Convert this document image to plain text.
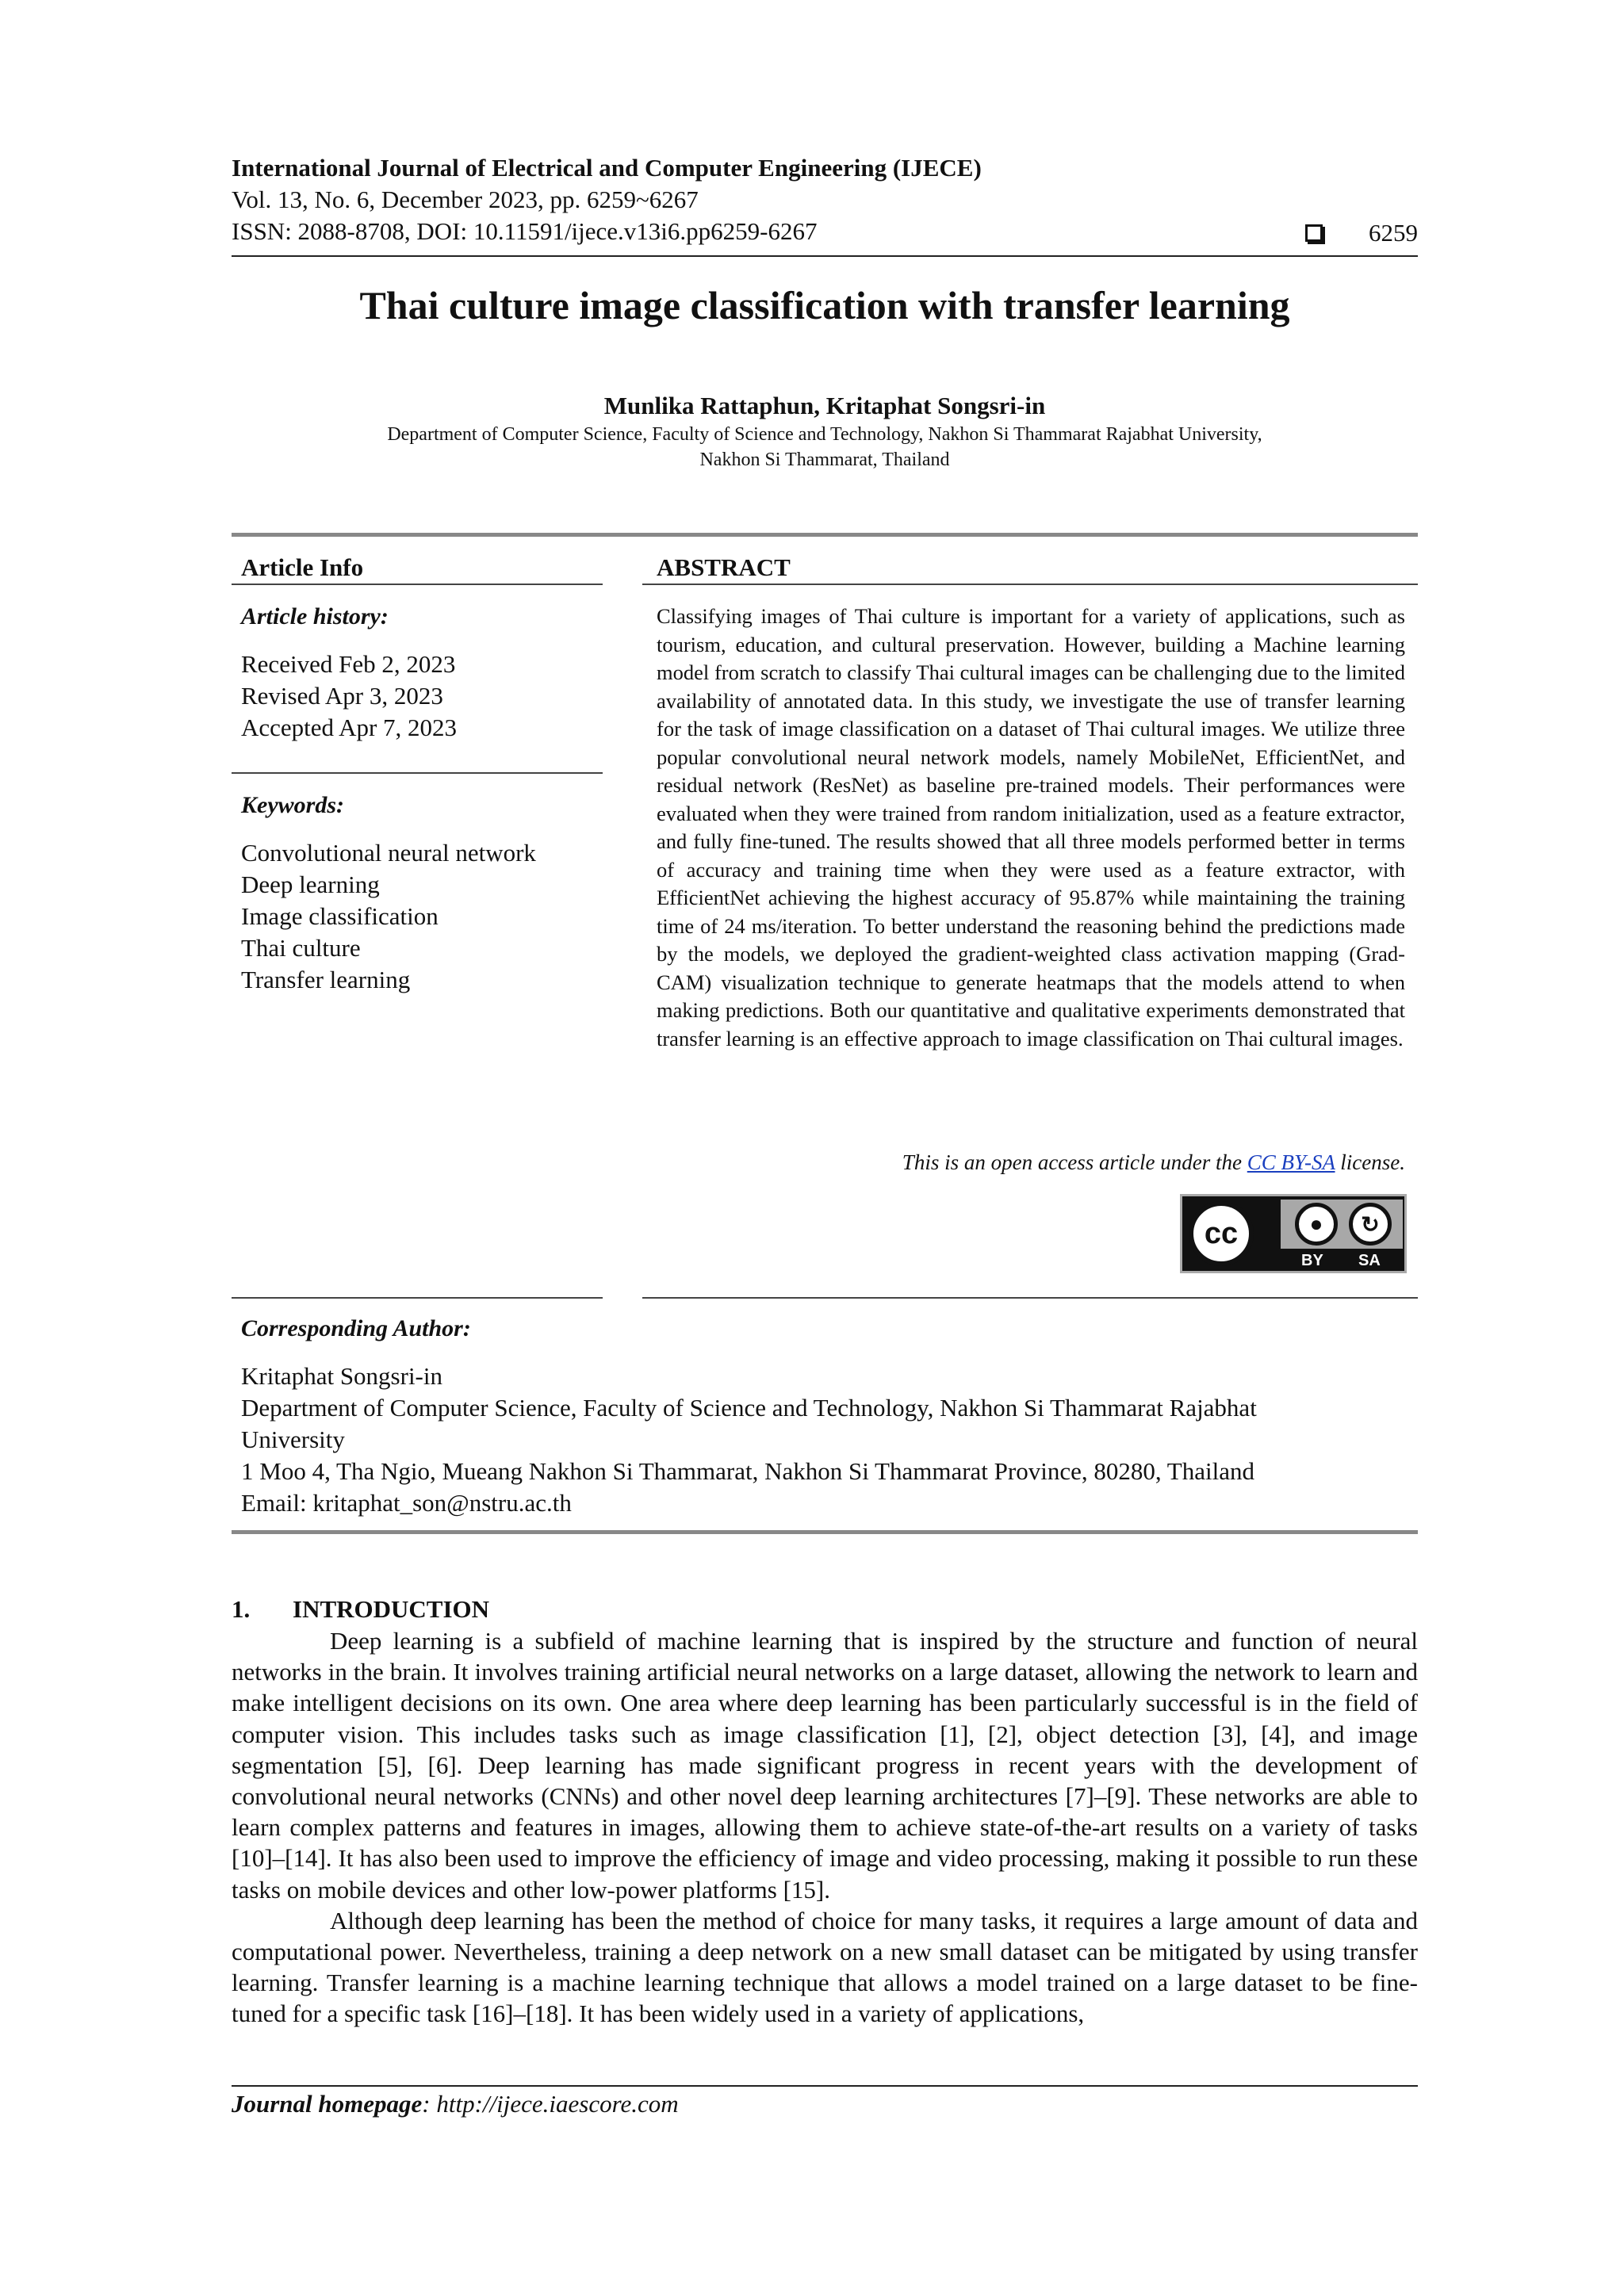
International Journal of Electrical and Computer Engineering (IJECE)
Vol. 13, No. 6, December 2023, pp. 6259~6267
ISSN: 2088-8708, DOI: 10.11591/ijece.v13i6.pp6259-6267	6259
Thai culture image classification with transfer learning
Munlika Rattaphun, Kritaphat Songsri-in
Department of Computer Science, Faculty of Science and Technology, Nakhon Si Thammarat Rajabhat University,
Nakhon Si Thammarat, Thailand
Article Info	ABSTRACT
Article history:
Received Feb 2, 2023
Revised Apr 3, 2023
Accepted Apr 7, 2023
Keywords:
Convolutional neural network
Deep learning
Image classification
Thai culture
Transfer learning
Classifying images of Thai culture is important for a variety of applications, such as tourism, education, and cultural preservation. However, building a Machine learning model from scratch to classify Thai cultural images can be challenging due to the limited availability of annotated data. In this study, we investigate the use of transfer learning for the task of image classification on a dataset of Thai cultural images. We utilize three popular convolutional neural network models, namely MobileNet, EfficientNet, and residual network (ResNet) as baseline pre-trained models. Their performances were evaluated when they were trained from random initialization, used as a feature extractor, and fully fine-tuned. The results showed that all three models performed better in terms of accuracy and training time when they were used as a feature extractor, with EfficientNet achieving the highest accuracy of 95.87% while maintaining the training time of 24 ms/iteration. To better understand the reasoning behind the predictions made by the models, we deployed the gradient-weighted class activation mapping (Grad-CAM) visualization technique to generate heatmaps that the models attend to when making predictions. Both our quantitative and qualitative experiments demonstrated that transfer learning is an effective approach to image classification on Thai cultural images.
This is an open access article under the CC BY-SA license.
cc	●	↻
BY SA
Corresponding Author:
Kritaphat Songsri-in
Department of Computer Science, Faculty of Science and Technology, Nakhon Si Thammarat Rajabhat
University
1 Moo 4, Tha Ngio, Mueang Nakhon Si Thammarat, Nakhon Si Thammarat Province, 80280, Thailand
Email: kritaphat_son@nstru.ac.th
1. INTRODUCTION

Deep learning is a subfield of machine learning that is inspired by the structure and function of neural networks in the brain. It involves training artificial neural networks on a large dataset, allowing the network to learn and make intelligent decisions on its own. One area where deep learning has been particularly successful is in the field of computer vision. This includes tasks such as image classification [1], [2], object detection [3], [4], and image segmentation [5], [6]. Deep learning has made significant progress in recent years with the development of convolutional neural networks (CNNs) and other novel deep learning architectures [7]–[9]. These networks are able to learn complex patterns and features in images, allowing them to achieve state-of-the-art results on a variety of tasks [10]–[14]. It has also been used to improve the efficiency of image and video processing, making it possible to run these tasks on mobile devices and other low-power platforms [15].

Although deep learning has been the method of choice for many tasks, it requires a large amount of data and computational power. Nevertheless, training a deep network on a new small dataset can be mitigated by using transfer learning. Transfer learning is a machine learning technique that allows a model trained on a large dataset to be fine-tuned for a specific task [16]–[18]. It has been widely used in a variety of applications,

Journal homepage: http://ijece.iaescore.com
